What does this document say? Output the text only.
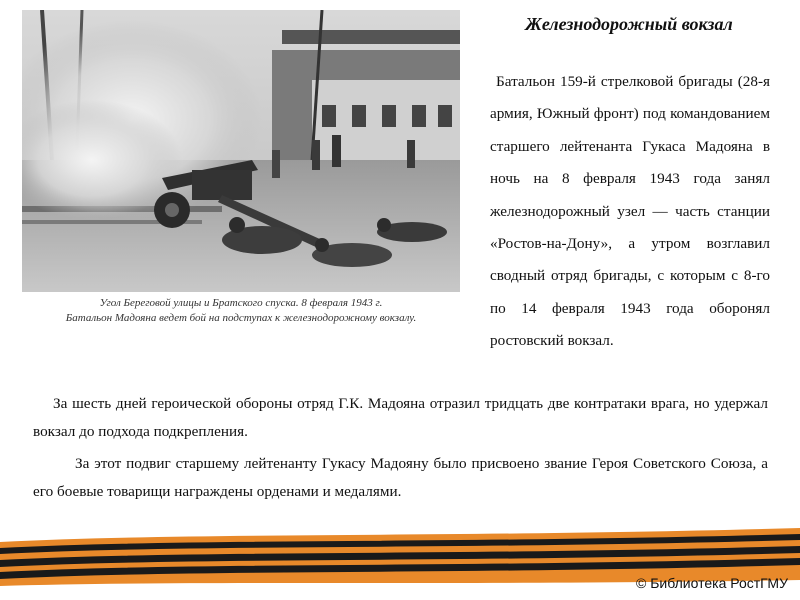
Угол Береговой улицы и Братского спуска. 8 февраля 1943 г.
Батальон Мадояна ведет бой на подступах к железнодорожному вокзалу.
Железнодорожный вокзал
Батальон 159-й стрелковой бригады (28-я армия, Южный фронт) под командованием старшего лейтенанта Гукаса Мадояна в ночь на 8 февраля 1943 года занял железнодорожный узел — часть станции «Ростов-на-Дону», а утром возглавил сводный отряд бригады, с которым с 8-го по 14 февраля 1943 года оборонял ростовский вокзал.

За шесть дней героической обороны отряд Г.К. Мадояна отразил тридцать две контратаки врага, но удержал вокзал до подхода подкрепления.

За этот подвиг старшему лейтенанту Гукасу Мадояну было присвоено звание Героя Советского Союза, а его боевые товарищи награждены орденами и медалями.

© Библиотека РостГМУ
